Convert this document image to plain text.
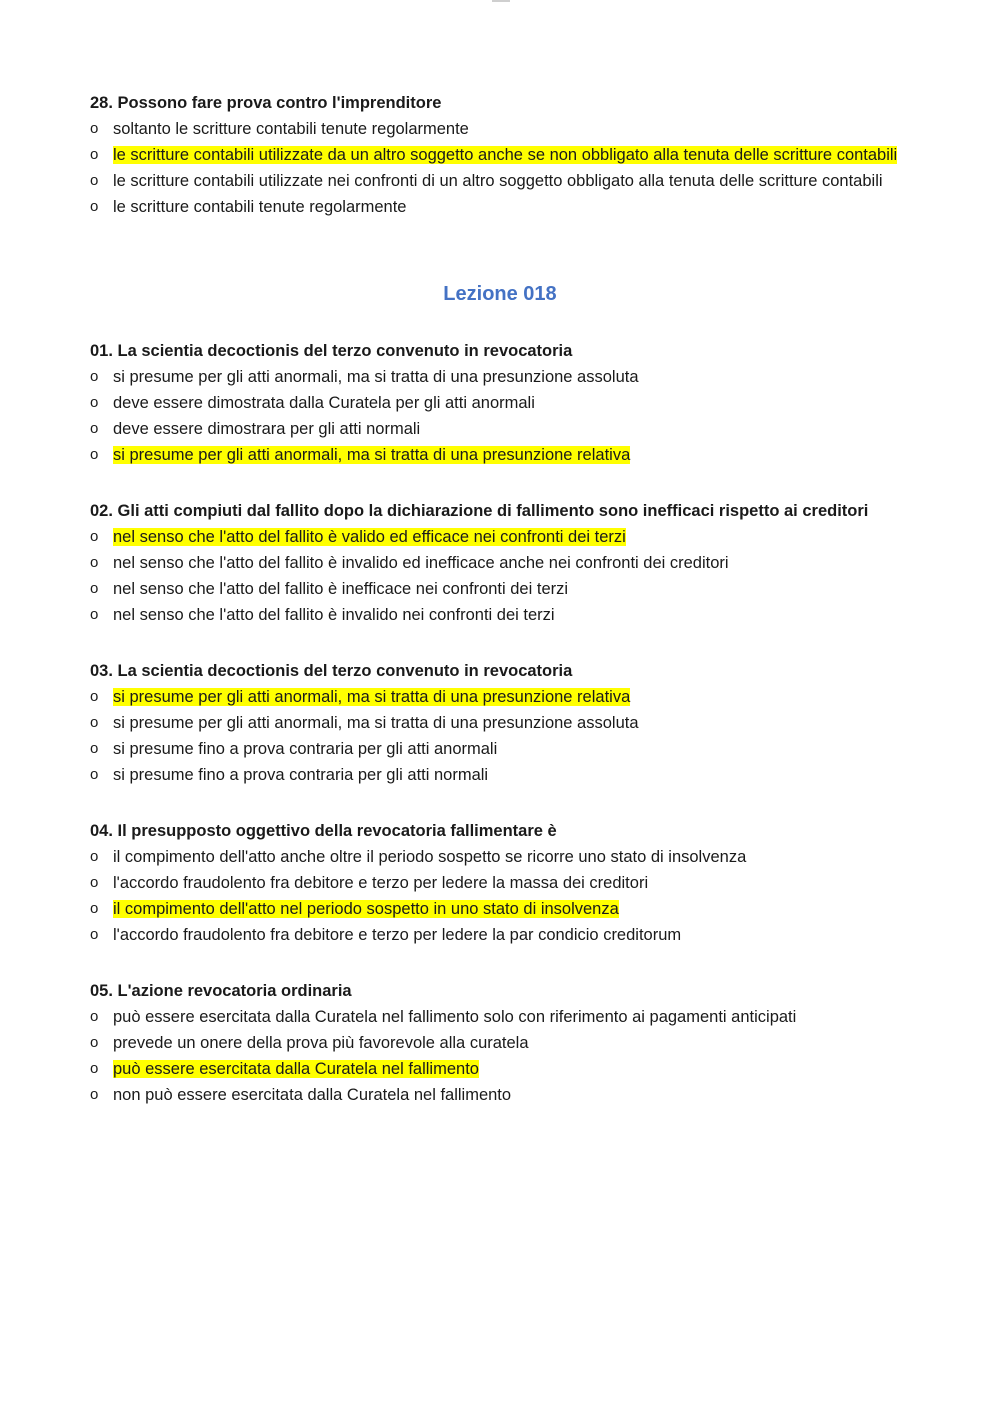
28. Possono fare prova contro l'imprenditore

o soltanto le scritture contabili tenute regolarmente
o le scritture contabili utilizzate da un altro soggetto anche se non obbligato alla tenuta delle scritture contabili
o le scritture contabili utilizzate nei confronti di un altro soggetto obbligato alla tenuta delle scritture contabili
o le scritture contabili tenute regolarmente
Lezione 018

01. La scientia decoctionis del terzo convenuto in revocatoria

o si presume per gli atti anormali, ma si tratta di una presunzione assoluta
o deve essere dimostrata dalla Curatela per gli atti anormali
o deve essere dimostrara per gli atti normali
o si presume per gli atti anormali, ma si tratta di una presunzione relativa

02. Gli atti compiuti dal fallito dopo la dichiarazione di fallimento sono inefficaci rispetto ai creditori

o nel senso che l'atto del fallito è valido ed efficace nei confronti dei terzi
o nel senso che l'atto del fallito è invalido ed inefficace anche nei confronti dei creditori
o nel senso che l'atto del fallito è inefficace nei confronti dei terzi
o nel senso che l'atto del fallito è invalido nei confronti dei terzi

03. La scientia decoctionis del terzo convenuto in revocatoria

o si presume per gli atti anormali, ma si tratta di una presunzione relativa
o si presume per gli atti anormali, ma si tratta di una presunzione assoluta
o si presume fino a prova contraria per gli atti anormali
o si presume fino a prova contraria per gli atti normali

04. Il presupposto oggettivo della revocatoria fallimentare è

o il compimento dell'atto anche oltre il periodo sospetto se ricorre uno stato di insolvenza
o l'accordo fraudolento fra debitore e terzo per ledere la massa dei creditori
o il compimento dell'atto nel periodo sospetto in uno stato di insolvenza
o l'accordo fraudolento fra debitore e terzo per ledere la par condicio creditorum

05. L'azione revocatoria ordinaria

o può essere esercitata dalla Curatela nel fallimento solo con riferimento ai pagamenti anticipati
o prevede un onere della prova più favorevole alla curatela
o può essere esercitata dalla Curatela nel fallimento
o non può essere esercitata dalla Curatela nel fallimento
